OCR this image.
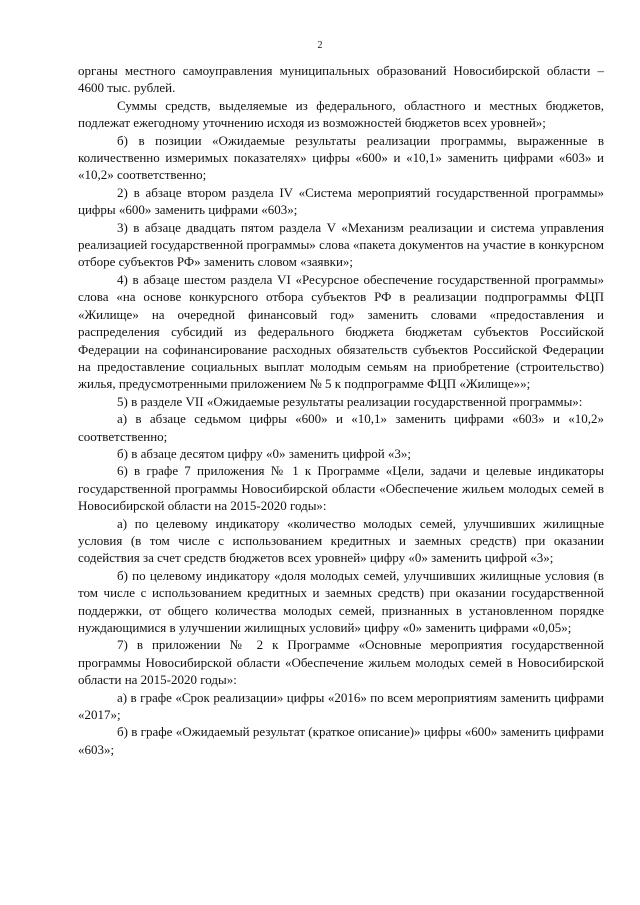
2

органы местного самоуправления муниципальных образований Новосибирской области – 4600 тыс. рублей.

Суммы средств, выделяемые из федерального, областного и местных бюджетов, подлежат ежегодному уточнению исходя из возможностей бюджетов всех уровней»;

б) в позиции «Ожидаемые результаты реализации программы, выраженные в количественно измеримых показателях» цифры «600» и «10,1» заменить цифрами «603» и «10,2» соответственно;

2) в абзаце втором раздела IV «Система мероприятий государственной программы» цифры «600» заменить цифрами «603»;

3) в абзаце двадцать пятом раздела V «Механизм реализации и система управления реализацией государственной программы» слова «пакета документов на участие в конкурсном отборе субъектов РФ» заменить словом «заявки»;

4) в абзаце шестом раздела VI «Ресурсное обеспечение государственной программы» слова «на основе конкурсного отбора субъектов РФ в реализации подпрограммы ФЦП «Жилище» на очередной финансовый год» заменить словами «предоставления и распределения субсидий из федерального бюджета бюджетам субъектов Российской Федерации на софинансирование расходных обязательств субъектов Российской Федерации на предоставление социальных выплат молодым семьям на приобретение (строительство) жилья, предусмотренными приложением № 5 к подпрограмме ФЦП «Жилище»»;

5) в разделе VII «Ожидаемые результаты реализации государственной программы»:

а) в абзаце седьмом цифры «600» и «10,1» заменить цифрами «603» и «10,2» соответственно;

б) в абзаце десятом цифру «0» заменить цифрой «3»;

6) в графе 7 приложения № 1 к Программе «Цели, задачи и целевые индикаторы государственной программы Новосибирской области «Обеспечение жильем молодых семей в Новосибирской области на 2015-2020 годы»:

а) по целевому индикатору «количество молодых семей, улучшивших жилищные условия (в том числе с использованием кредитных и заемных средств) при оказании содействия за счет средств бюджетов всех уровней» цифру «0» заменить цифрой «3»;

б) по целевому индикатору «доля молодых семей, улучшивших жилищные условия (в том числе с использованием кредитных и заемных средств) при оказании государственной поддержки, от общего количества молодых семей, признанных в установленном порядке нуждающимися в улучшении жилищных условий» цифру «0» заменить цифрами «0,05»;

7) в приложении № 2 к Программе «Основные мероприятия государственной программы Новосибирской области «Обеспечение жильем молодых семей в Новосибирской области на 2015-2020 годы»:

а) в графе «Срок реализации» цифры «2016» по всем мероприятиям заменить цифрами «2017»;

б) в графе «Ожидаемый результат (краткое описание)» цифры «600» заменить цифрами «603»;
